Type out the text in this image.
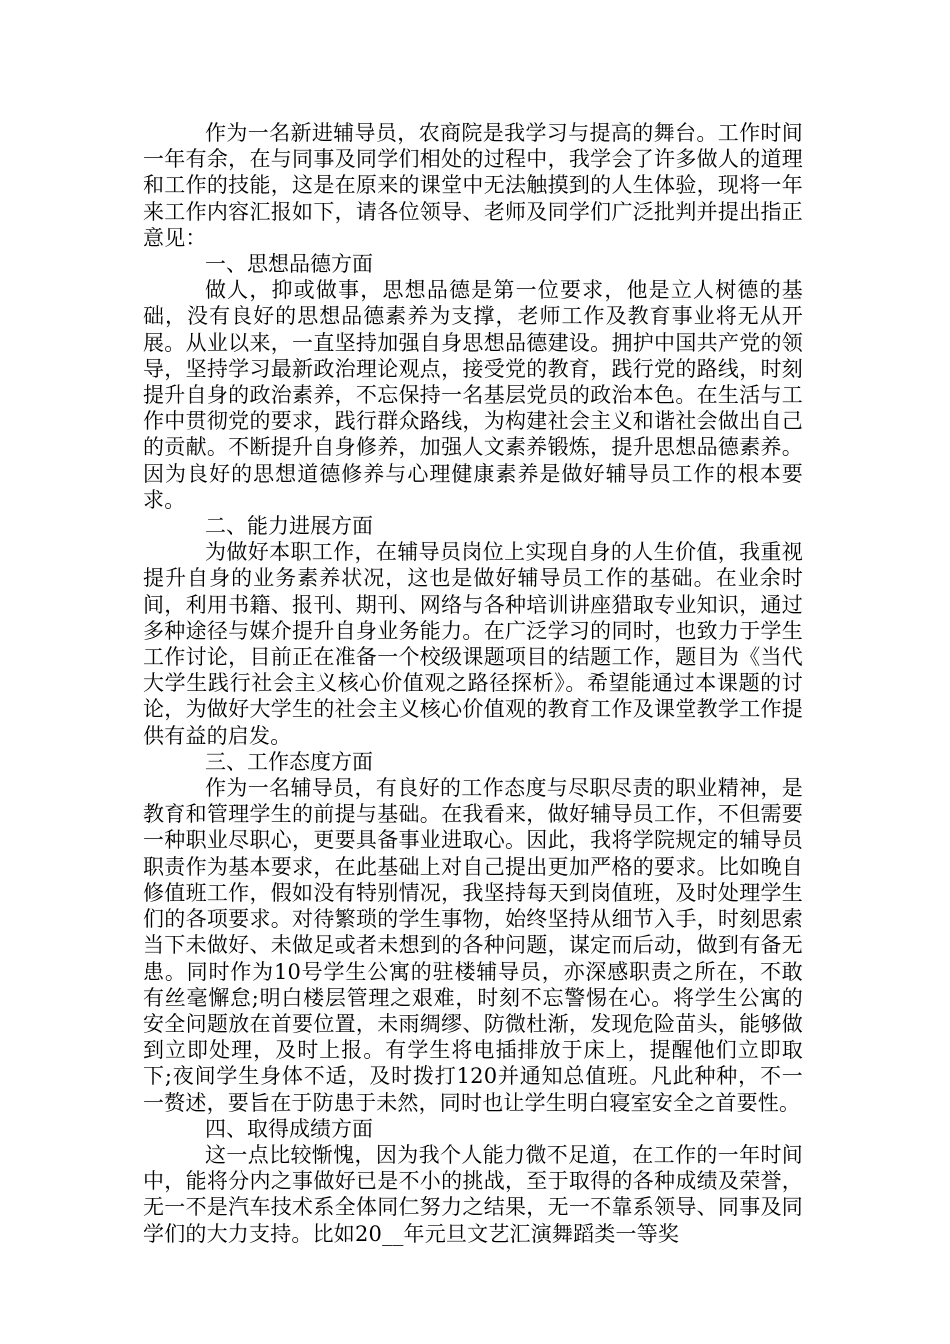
作为一名新进辅导员，农商院是我学习与提高的舞台。工作时间一年有余，在与同事及同学们相处的过程中，我学会了许多做人的道理和工作的技能，这是在原来的课堂中无法触摸到的人生体验，现将一年来工作内容汇报如下，请各位领导、老师及同学们广泛批判并提出指正意见：

一、思想品德方面

做人，抑或做事，思想品德是第一位要求，他是立人树德的基础，没有良好的思想品德素养为支撑，老师工作及教育事业将无从开展。从业以来，一直坚持加强自身思想品德建设。拥护中国共产党的领导，坚持学习最新政治理论观点，接受党的教育，践行党的路线，时刻提升自身的政治素养，不忘保持一名基层党员的政治本色。在生活与工作中贯彻党的要求，践行群众路线，为构建社会主义和谐社会做出自己的贡献。不断提升自身修养，加强人文素养锻炼，提升思想品德素养。因为良好的思想道德修养与心理健康素养是做好辅导员工作的根本要求。

二、能力进展方面

为做好本职工作，在辅导员岗位上实现自身的人生价值，我重视提升自身的业务素养状况，这也是做好辅导员工作的基础。在业余时间，利用书籍、报刊、期刊、网络与各种培训讲座猎取专业知识，通过多种途径与媒介提升自身业务能力。在广泛学习的同时，也致力于学生工作讨论，目前正在准备一个校级课题项目的结题工作，题目为《当代大学生践行社会主义核心价值观之路径探析》。希望能通过本课题的讨论，为做好大学生的社会主义核心价值观的教育工作及课堂教学工作提供有益的启发。

三、工作态度方面

作为一名辅导员，有良好的工作态度与尽职尽责的职业精神，是教育和管理学生的前提与基础。在我看来，做好辅导员工作，不但需要一种职业尽职心，更要具备事业进取心。因此，我将学院规定的辅导员职责作为基本要求，在此基础上对自己提出更加严格的要求。比如晚自修值班工作，假如没有特别情况，我坚持每天到岗值班，及时处理学生们的各项要求。对待繁琐的学生事物，始终坚持从细节入手，时刻思索当下未做好、未做足或者未想到的各种问题，谋定而后动，做到有备无患。同时作为10号学生公寓的驻楼辅导员，亦深感职责之所在，不敢有丝毫懈怠;明白楼层管理之艰难，时刻不忘警惕在心。将学生公寓的安全问题放在首要位置，未雨绸缪、防微杜渐，发现危险苗头，能够做到立即处理，及时上报。有学生将电插排放于床上，提醒他们立即取下;夜间学生身体不适，及时拨打120并通知总值班。凡此种种，不一一赘述，要旨在于防患于未然，同时也让学生明白寝室安全之首要性。

四、取得成绩方面

这一点比较惭愧，因为我个人能力微不足道，在工作的一年时间中，能将分内之事做好已是不小的挑战，至于取得的各种成绩及荣誉，无一不是汽车技术系全体同仁努力之结果，无一不靠系领导、同事及同学们的大力支持。比如20__年元旦文艺汇演舞蹈类一等奖
